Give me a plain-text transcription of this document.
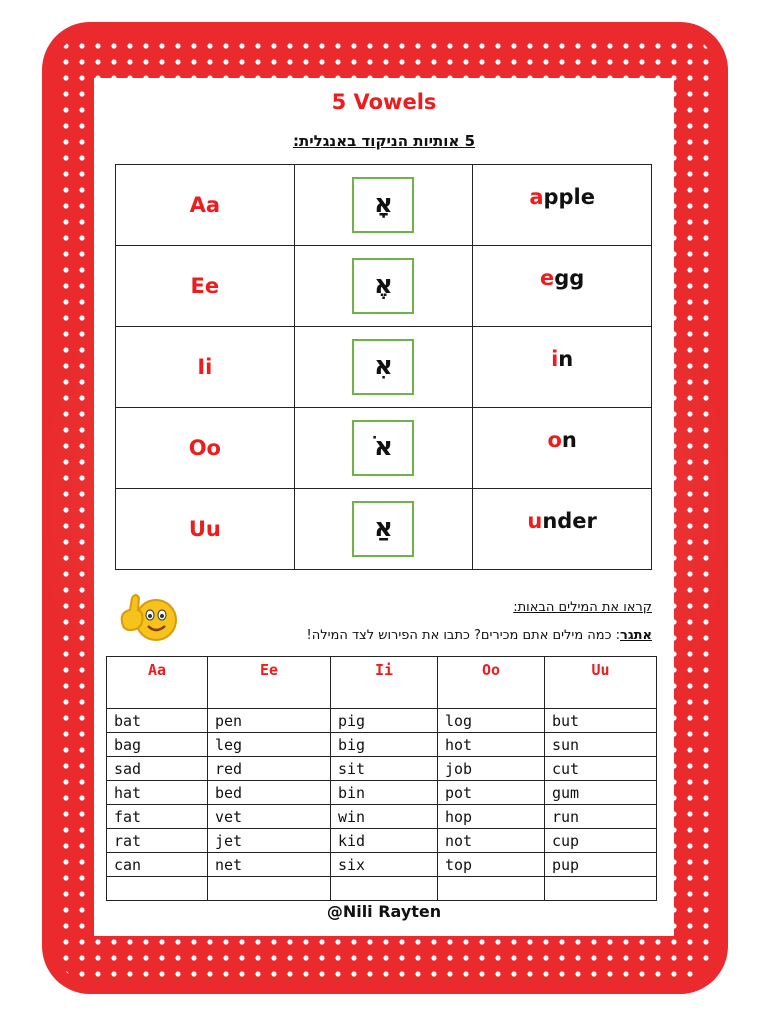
5 Vowels
5 אותיות הניקוד באנגלית:
Aa	אָ	apple
Ee	אֶ	egg
Ii	אִ	in
Oo	אֹ	on
Uu	אַ	under
קראו את המילים הבאות:
אתגר: כמה מילים אתם מכירים? כתבו את הפירוש לצד המילה!
Aa	Ee	Ii	Oo	Uu
bat	pen	pig	log	but
bag	leg	big	hot	sun
sad	red	sit	job	cut
hat	bed	bin	pot	gum
fat	vet	win	hop	run
rat	jet	kid	not	cup
can	net	six	top	pup

@Nili Rayten
